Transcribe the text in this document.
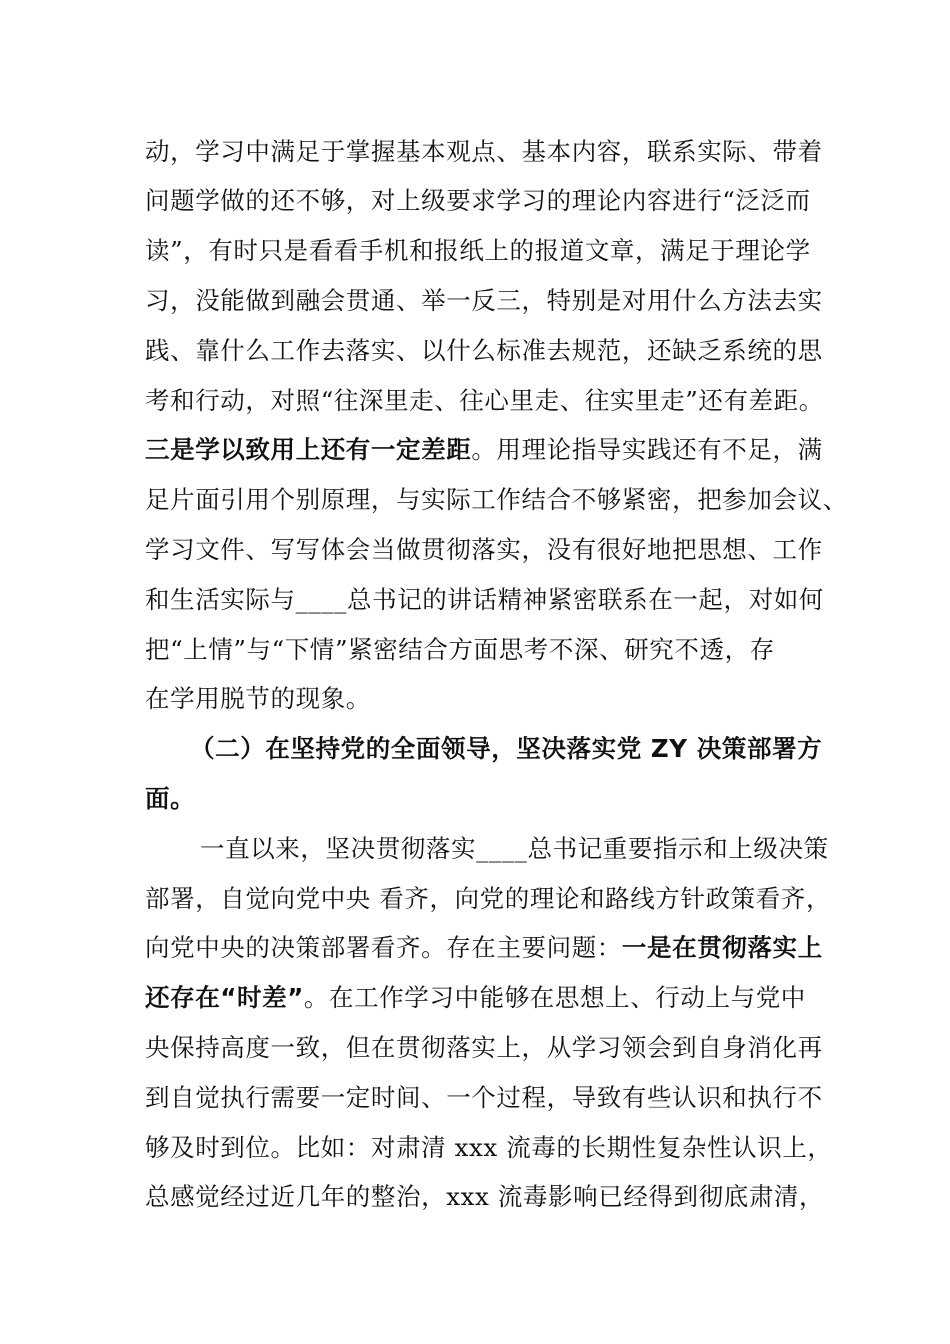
动，学习中满足于掌握基本观点、基本内容，联系实际、带着
问题学做的还不够，对上级要求学习的理论内容进行“泛泛而
读”，有时只是看看手机和报纸上的报道文章，满足于理论学
习，没能做到融会贯通、举一反三，特别是对用什么方法去实
践、靠什么工作去落实、以什么标准去规范，还缺乏系统的思
考和行动，对照“往深里走、往心里走、往实里走”还有差距。
三是学以致用上还有一定差距。用理论指导实践还有不足，满
足片面引用个别原理，与实际工作结合不够紧密，把参加会议、
学习文件、写写体会当做贯彻落实，没有很好地把思想、工作
和生活实际与____总书记的讲话精神紧密联系在一起，对如何
把“上情”与“下情”紧密结合方面思考不深、研究不透，存
在学用脱节的现象。
（二）在坚持党的全面领导，坚决落实党 ZY 决策部署方
面。
一直以来，坚决贯彻落实____总书记重要指示和上级决策
部署，自觉向党中央 看齐，向党的理论和路线方针政策看齐，
向党中央的决策部署看齐。存在主要问题：一是在贯彻落实上
还存在“时差”。在工作学习中能够在思想上、行动上与党中
央保持高度一致，但在贯彻落实上，从学习领会到自身消化再
到自觉执行需要一定时间、一个过程，导致有些认识和执行不
够及时到位。比如：对肃清 xxx 流毒的长期性复杂性认识上，
总感觉经过近几年的整治，xxx 流毒影响已经得到彻底肃清，
